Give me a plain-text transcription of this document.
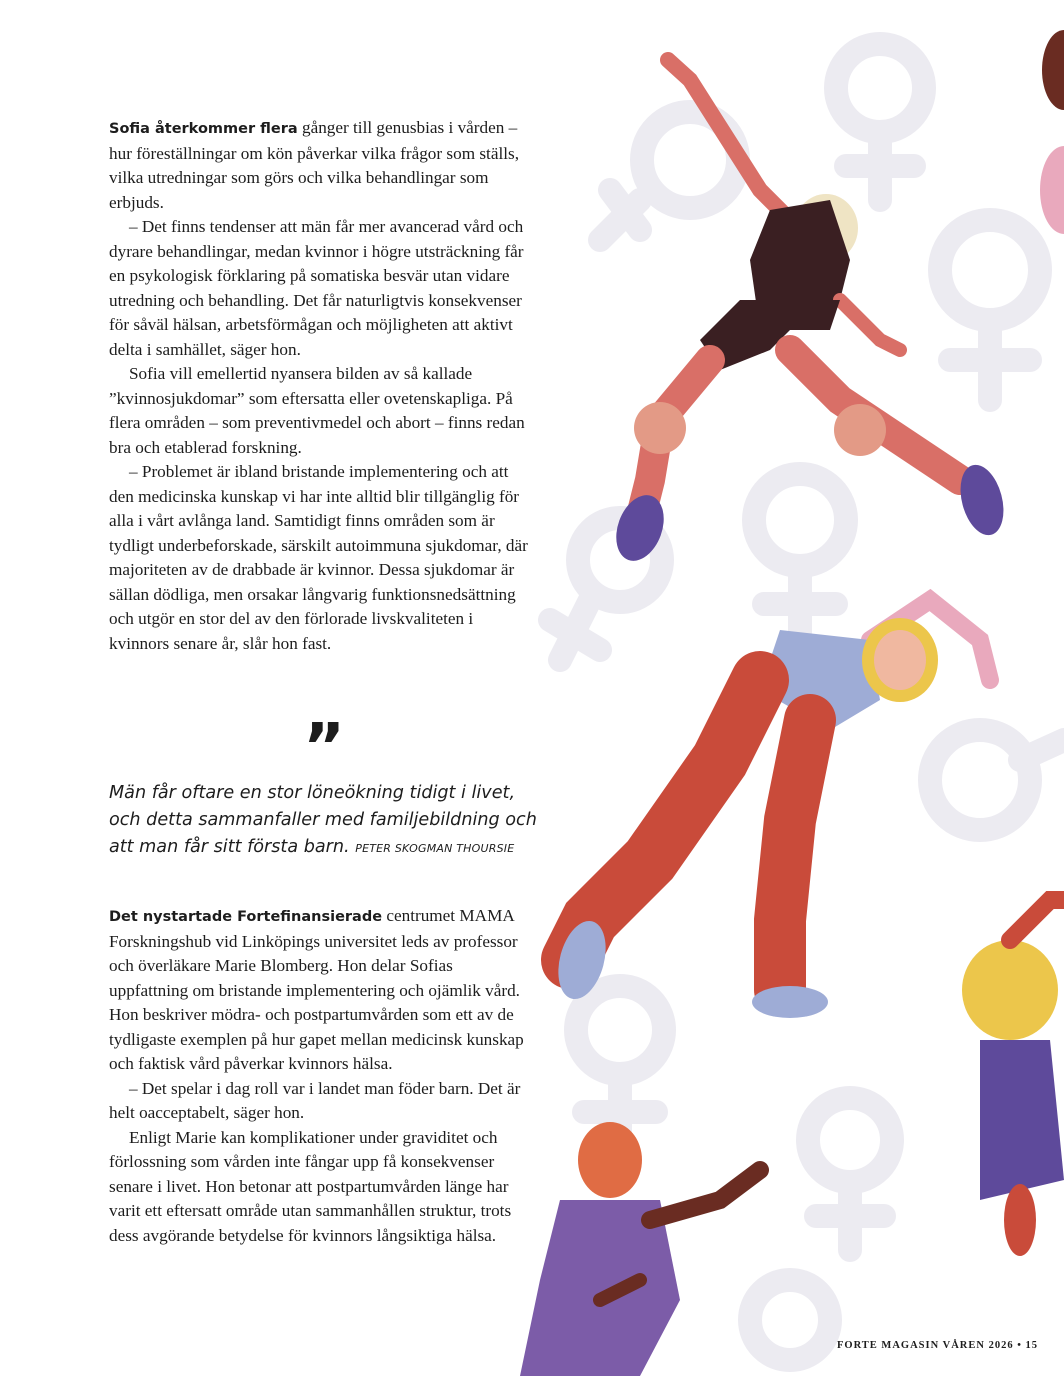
Sofia återkommer flera gånger till genusbias i vården – hur föreställningar om kön påverkar vilka frågor som ställs, vilka utredningar som görs och vilka behandlingar som erbjuds.

– Det finns tendenser att män får mer avancerad vård och dyrare behandlingar, medan kvinnor i högre utsträckning får en psykologisk förklaring på somatiska besvär utan vidare utredning och behandling. Det får naturligtvis konsekvenser för såväl hälsan, arbetsförmågan och möjligheten att aktivt delta i samhället, säger hon.

Sofia vill emellertid nyansera bilden av så kallade ”kvinnosjukdomar” som eftersatta eller ovetenskapliga. På flera områden – som preventivmedel och abort – finns redan bra och etablerad forskning.

– Problemet är ibland bristande implementering och att den medicinska kunskap vi har inte alltid blir tillgänglig för alla i vårt avlånga land. Samtidigt finns områden som är tydligt underbeforskade, särskilt autoimmuna sjukdomar, där majoriteten av de drabbade är kvinnor. Dessa sjukdomar är sällan dödliga, men orsakar långvarig funktionsnedsättning och utgör en stor del av den förlorade livskvaliteten i kvinnors senare år, slår hon fast.

”

Män får oftare en stor löneökning tidigt i livet, och detta sammanfaller med familjebildning och att man får sitt första barn. PETER SKOGMAN THOURSIE

Det nystartade Fortefinansierade centrumet MAMA Forskningshub vid Linköpings universitet leds av professor och överläkare Marie Blomberg. Hon delar Sofias uppfattning om bristande implementering och ojämlik vård. Hon beskriver mödra- och postpartumvården som ett av de tydligaste exemplen på hur gapet mellan medicinsk kunskap och faktisk vård påverkar kvinnors hälsa.

– Det spelar i dag roll var i landet man föder barn. Det är helt oacceptabelt, säger hon.

Enligt Marie kan komplikationer under graviditet och förlossning som vården inte fångar upp få konsekvenser senare i livet. Hon betonar att postpartumvården länge har varit ett eftersatt område utan sammanhållen struktur, trots dess avgörande betydelse för kvinnors långsiktiga hälsa.

FORTE MAGASIN VÅREN 2026 • 15
